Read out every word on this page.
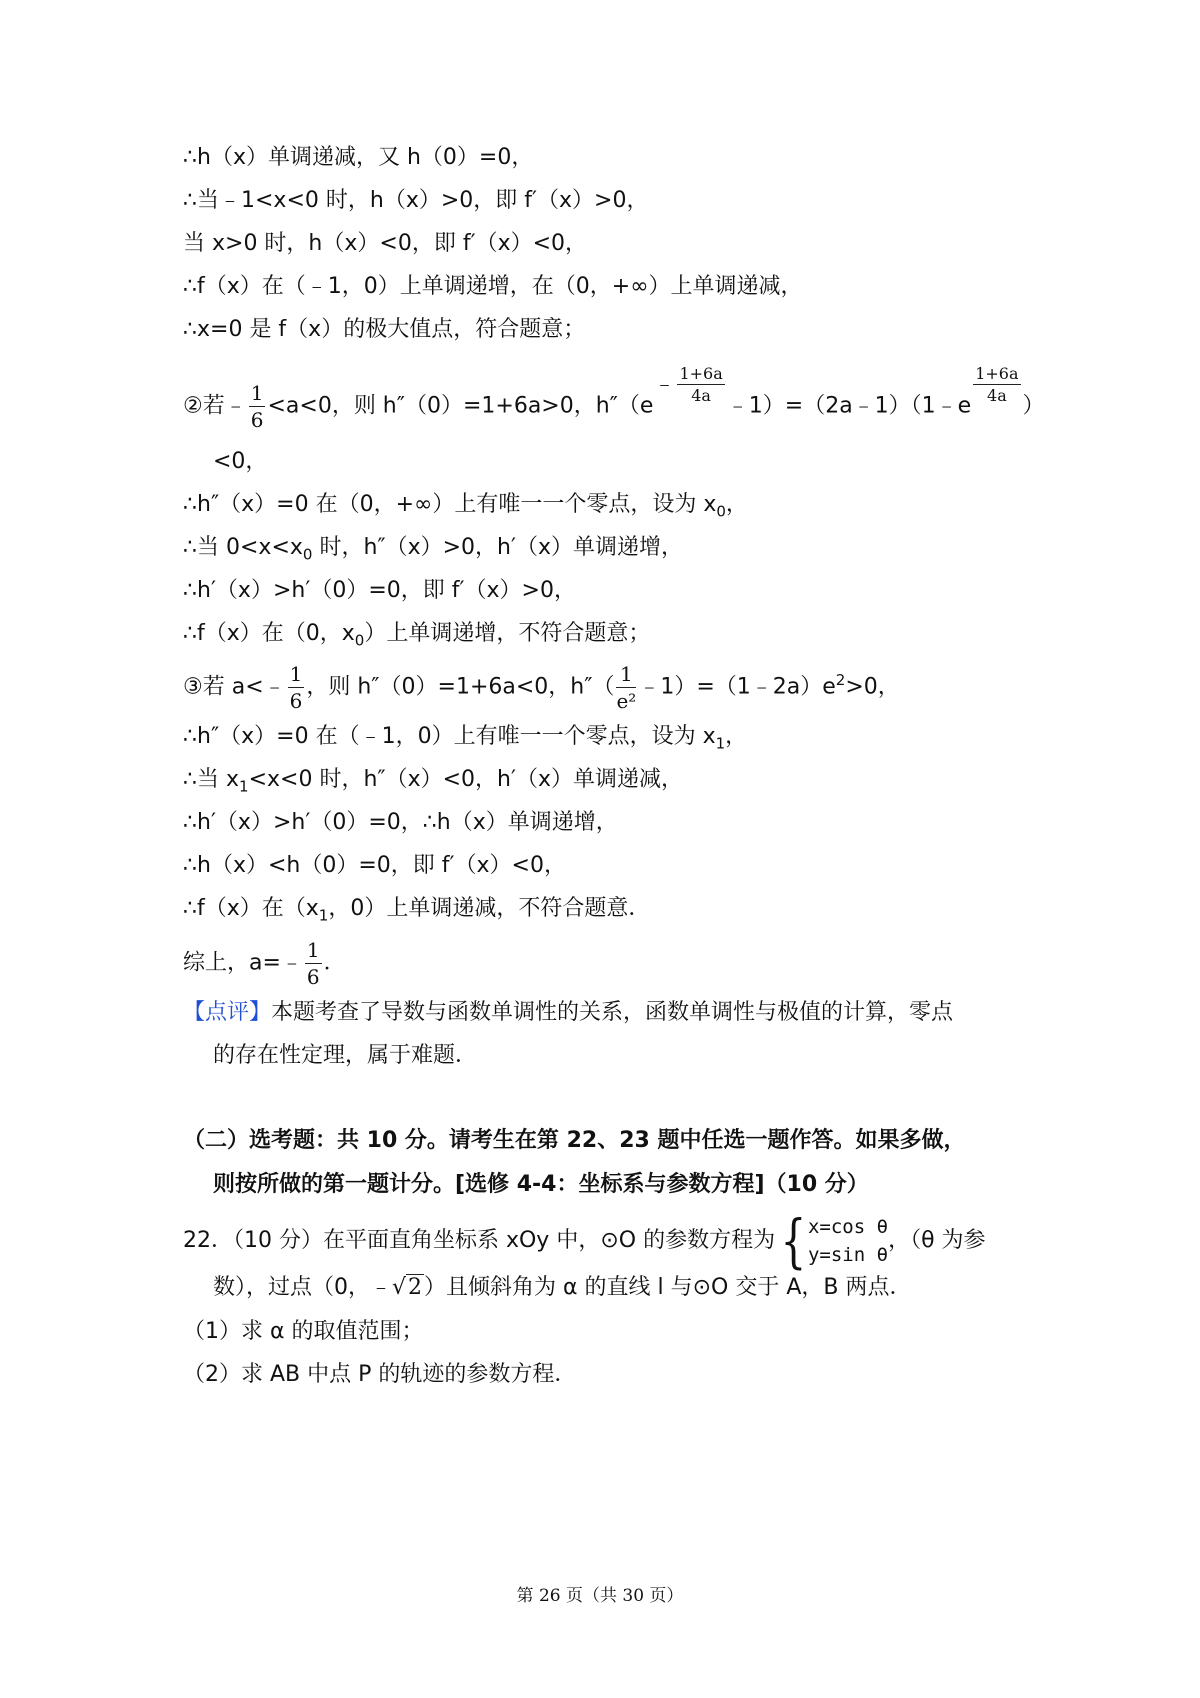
∴h（x）单调递减，又 h（0）=0，
∴当﹣1<x<0 时，h（x）>0，即 f′（x）>0，
当 x>0 时，h（x）<0，即 f′（x）<0，
∴f（x）在（﹣1，0）上单调递增，在（0，+∞）上单调递减，
∴x=0 是 f（x）的极大值点，符合题意；
②若﹣ $\frac{1}{6} <a<0$，则 h″（0）=1+6a>0，h″（e﹣ $\frac{1+6a}{4a}$
﹣1）=（2a﹣1）（1﹣e
$\frac{1+6a}{4a}$
）
<0，
∴h″（x）=0 在（0，+∞）上有唯一一个零点，设为 $x_0$，
∴当 $0<x<x_0$ 时，h″（x）>0，h′（x）单调递增，
∴h′（x）>h′（0）=0，即 f′（x）>0，
∴f（x）在（0，$x_0$）上单调递增，不符合题意；
③若 a<﹣ $\frac{1}{6}$ ，则 h″（0）=1+6a<0，$h''( \frac{1}{\text{e²}}$ $﹣1)=(1﹣2a)e^2>0$，
∴h″（x）=0 在（﹣1，0）上有唯一一个零点，设为 $x_1$，
∴当 $x_1<x<0$ 时，h″（x）<0，h′（x）单调递减，
∴h′（x）>h′（0）=0，∴h（x）单调递增，
∴h（x）<h（0）=0，即 f′（x）<0，
∴f（x）在（$x_1$，0）上单调递减，不符合题意．
综上，a=﹣ $\frac{1}{6}$ ．
【点评】本题考查了导数与函数单调性的关系，函数单调性与极值的计算，零点
的存在性定理，属于难题．
（二）选考题：共 10 分。请考生在第 22、23 题中任选一题作答。如果多做，
则按所做的第一题计分。[选修 4-4：坐标系与参数方程]（10 分）
22．（10 分）在平面直角坐标系 xOy 中，⊙O 的参数方程为{ x=cos θ
y=sin θ
，（θ 为参
数），过点（0，﹣√2）且倾斜角为 α 的直线 l 与⊙O 交于 A，B 两点．
（1）求 α 的取值范围；
（2）求 AB 中点 P 的轨迹的参数方程．
第 26 页（共 30 页）
